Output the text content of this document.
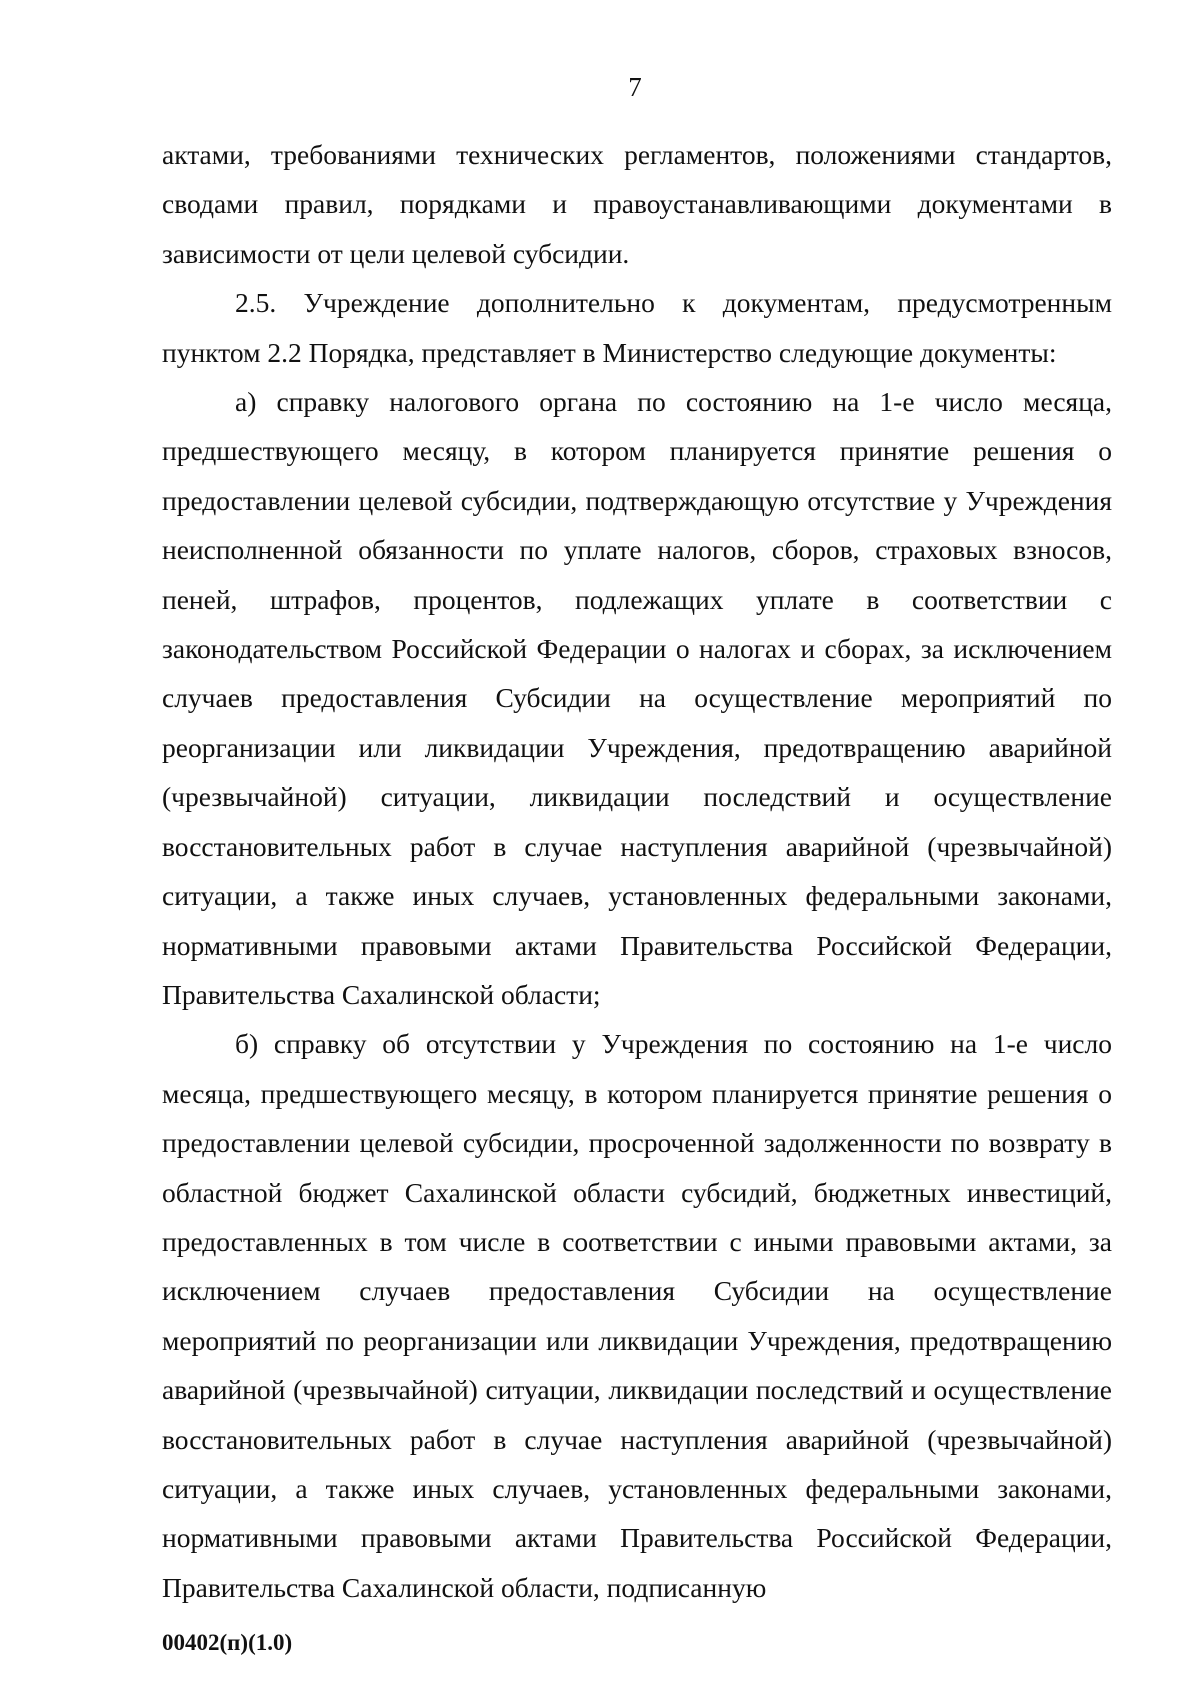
7

актами, требованиями технических регламентов, положениями стандартов, сводами правил, порядками и правоустанавливающими документами в зависимости от цели целевой субсидии.

2.5. Учреждение дополнительно к документам, предусмотренным пунктом 2.2 Порядка, представляет в Министерство следующие документы:

а) справку налогового органа по состоянию на 1-е число месяца, предшествующего месяцу, в котором планируется принятие решения о предоставлении целевой субсидии, подтверждающую отсутствие у Учреждения неисполненной обязанности по уплате налогов, сборов, страховых взносов, пеней, штрафов, процентов, подлежащих уплате в соответствии с законодательством Российской Федерации о налогах и сборах, за исключением случаев предоставления Субсидии на осуществление мероприятий по реорганизации или ликвидации Учреждения, предотвращению аварийной (чрезвычайной) ситуации, ликвидации последствий и осуществление восстановительных работ в случае наступления аварийной (чрезвычайной) ситуации, а также иных случаев, установленных федеральными законами, нормативными правовыми актами Правительства Российской Федерации, Правительства Сахалинской области;

б) справку об отсутствии у Учреждения по состоянию на 1-е число месяца, предшествующего месяцу, в котором планируется принятие решения о предоставлении целевой субсидии, просроченной задолженности по возврату в областной бюджет Сахалинской области субсидий, бюджетных инвестиций, предоставленных в том числе в соответствии с иными правовыми актами, за исключением случаев предоставления Субсидии на осуществление мероприятий по реорганизации или ликвидации Учреждения, предотвращению аварийной (чрезвычайной) ситуации, ликвидации последствий и осуществление восстановительных работ в случае наступления аварийной (чрезвычайной) ситуации, а также иных случаев, установленных федеральными законами, нормативными правовыми актами Правительства Российской Федерации, Правительства Сахалинской области, подписанную

00402(п)(1.0)
